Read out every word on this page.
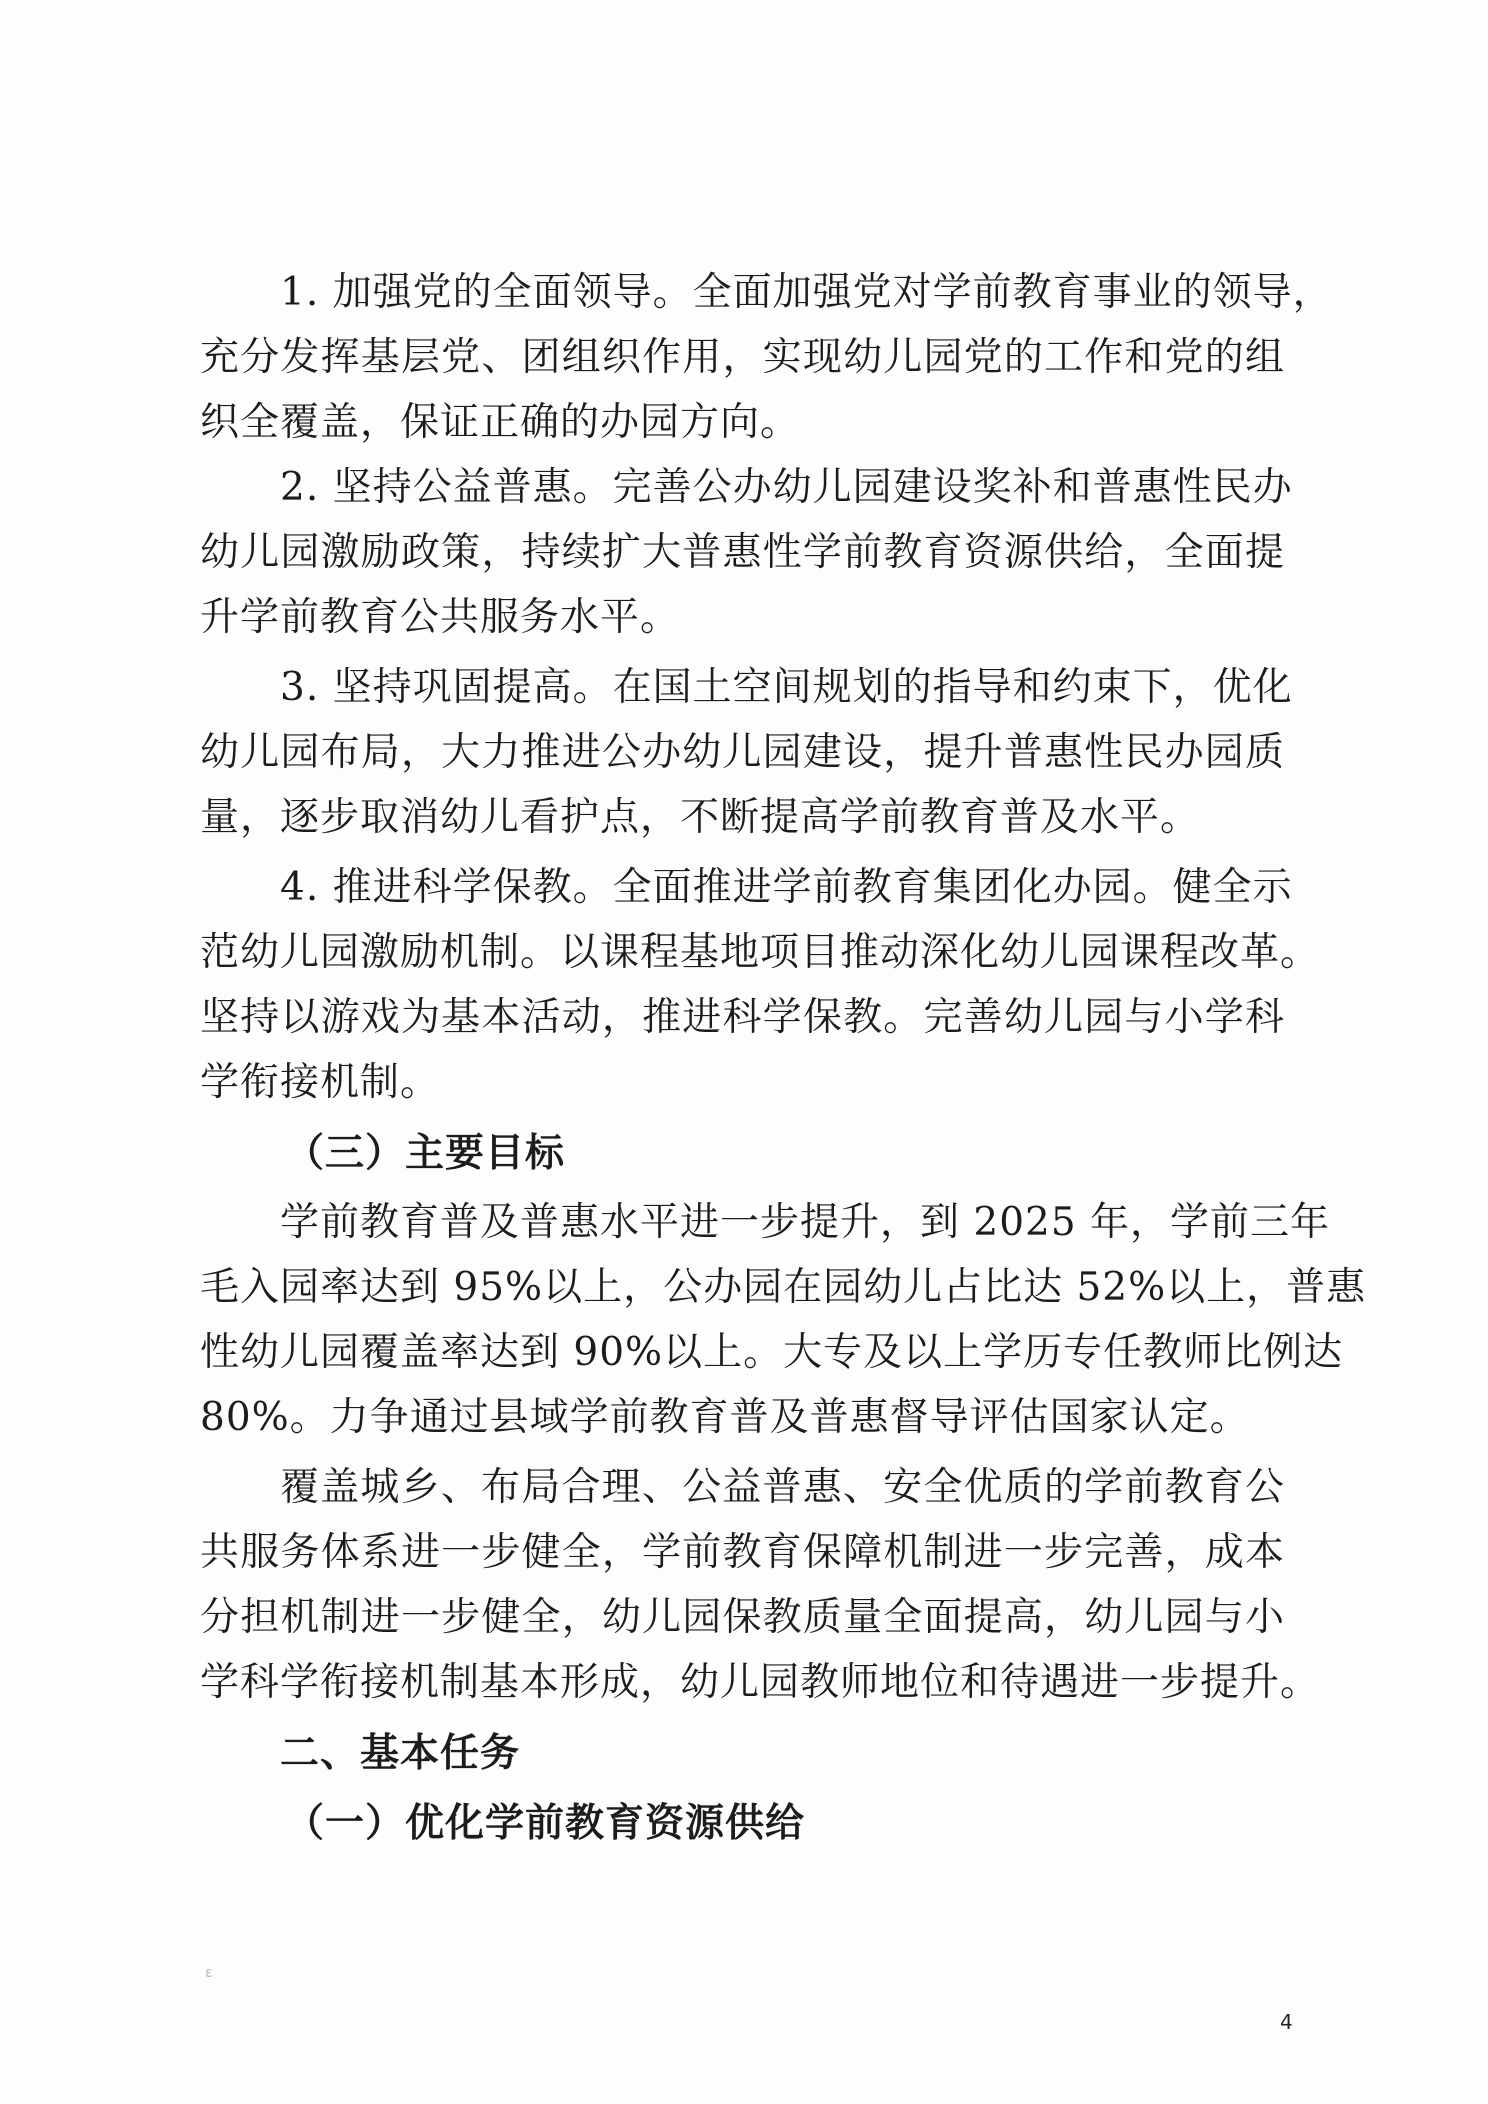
1. 加强党的全面领导。全面加强党对学前教育事业的领导，
充分发挥基层党、团组织作用，实现幼儿园党的工作和党的组
织全覆盖，保证正确的办园方向。
2. 坚持公益普惠。完善公办幼儿园建设奖补和普惠性民办
幼儿园激励政策，持续扩大普惠性学前教育资源供给，全面提
升学前教育公共服务水平。
3. 坚持巩固提高。在国土空间规划的指导和约束下，优化
幼儿园布局，大力推进公办幼儿园建设，提升普惠性民办园质
量，逐步取消幼儿看护点，不断提高学前教育普及水平。
4. 推进科学保教。全面推进学前教育集团化办园。健全示
范幼儿园激励机制。以课程基地项目推动深化幼儿园课程改革。
坚持以游戏为基本活动，推进科学保教。完善幼儿园与小学科
学衔接机制。
（三）主要目标
学前教育普及普惠水平进一步提升，到 2025 年，学前三年
毛入园率达到 95%以上，公办园在园幼儿占比达 52%以上，普惠
性幼儿园覆盖率达到 90%以上。大专及以上学历专任教师比例达
80%。力争通过县域学前教育普及普惠督导评估国家认定。
覆盖城乡、布局合理、公益普惠、安全优质的学前教育公
共服务体系进一步健全，学前教育保障机制进一步完善，成本
分担机制进一步健全，幼儿园保教质量全面提高，幼儿园与小
学科学衔接机制基本形成，幼儿园教师地位和待遇进一步提升。
二、基本任务
（一）优化学前教育资源供给
ε
4
